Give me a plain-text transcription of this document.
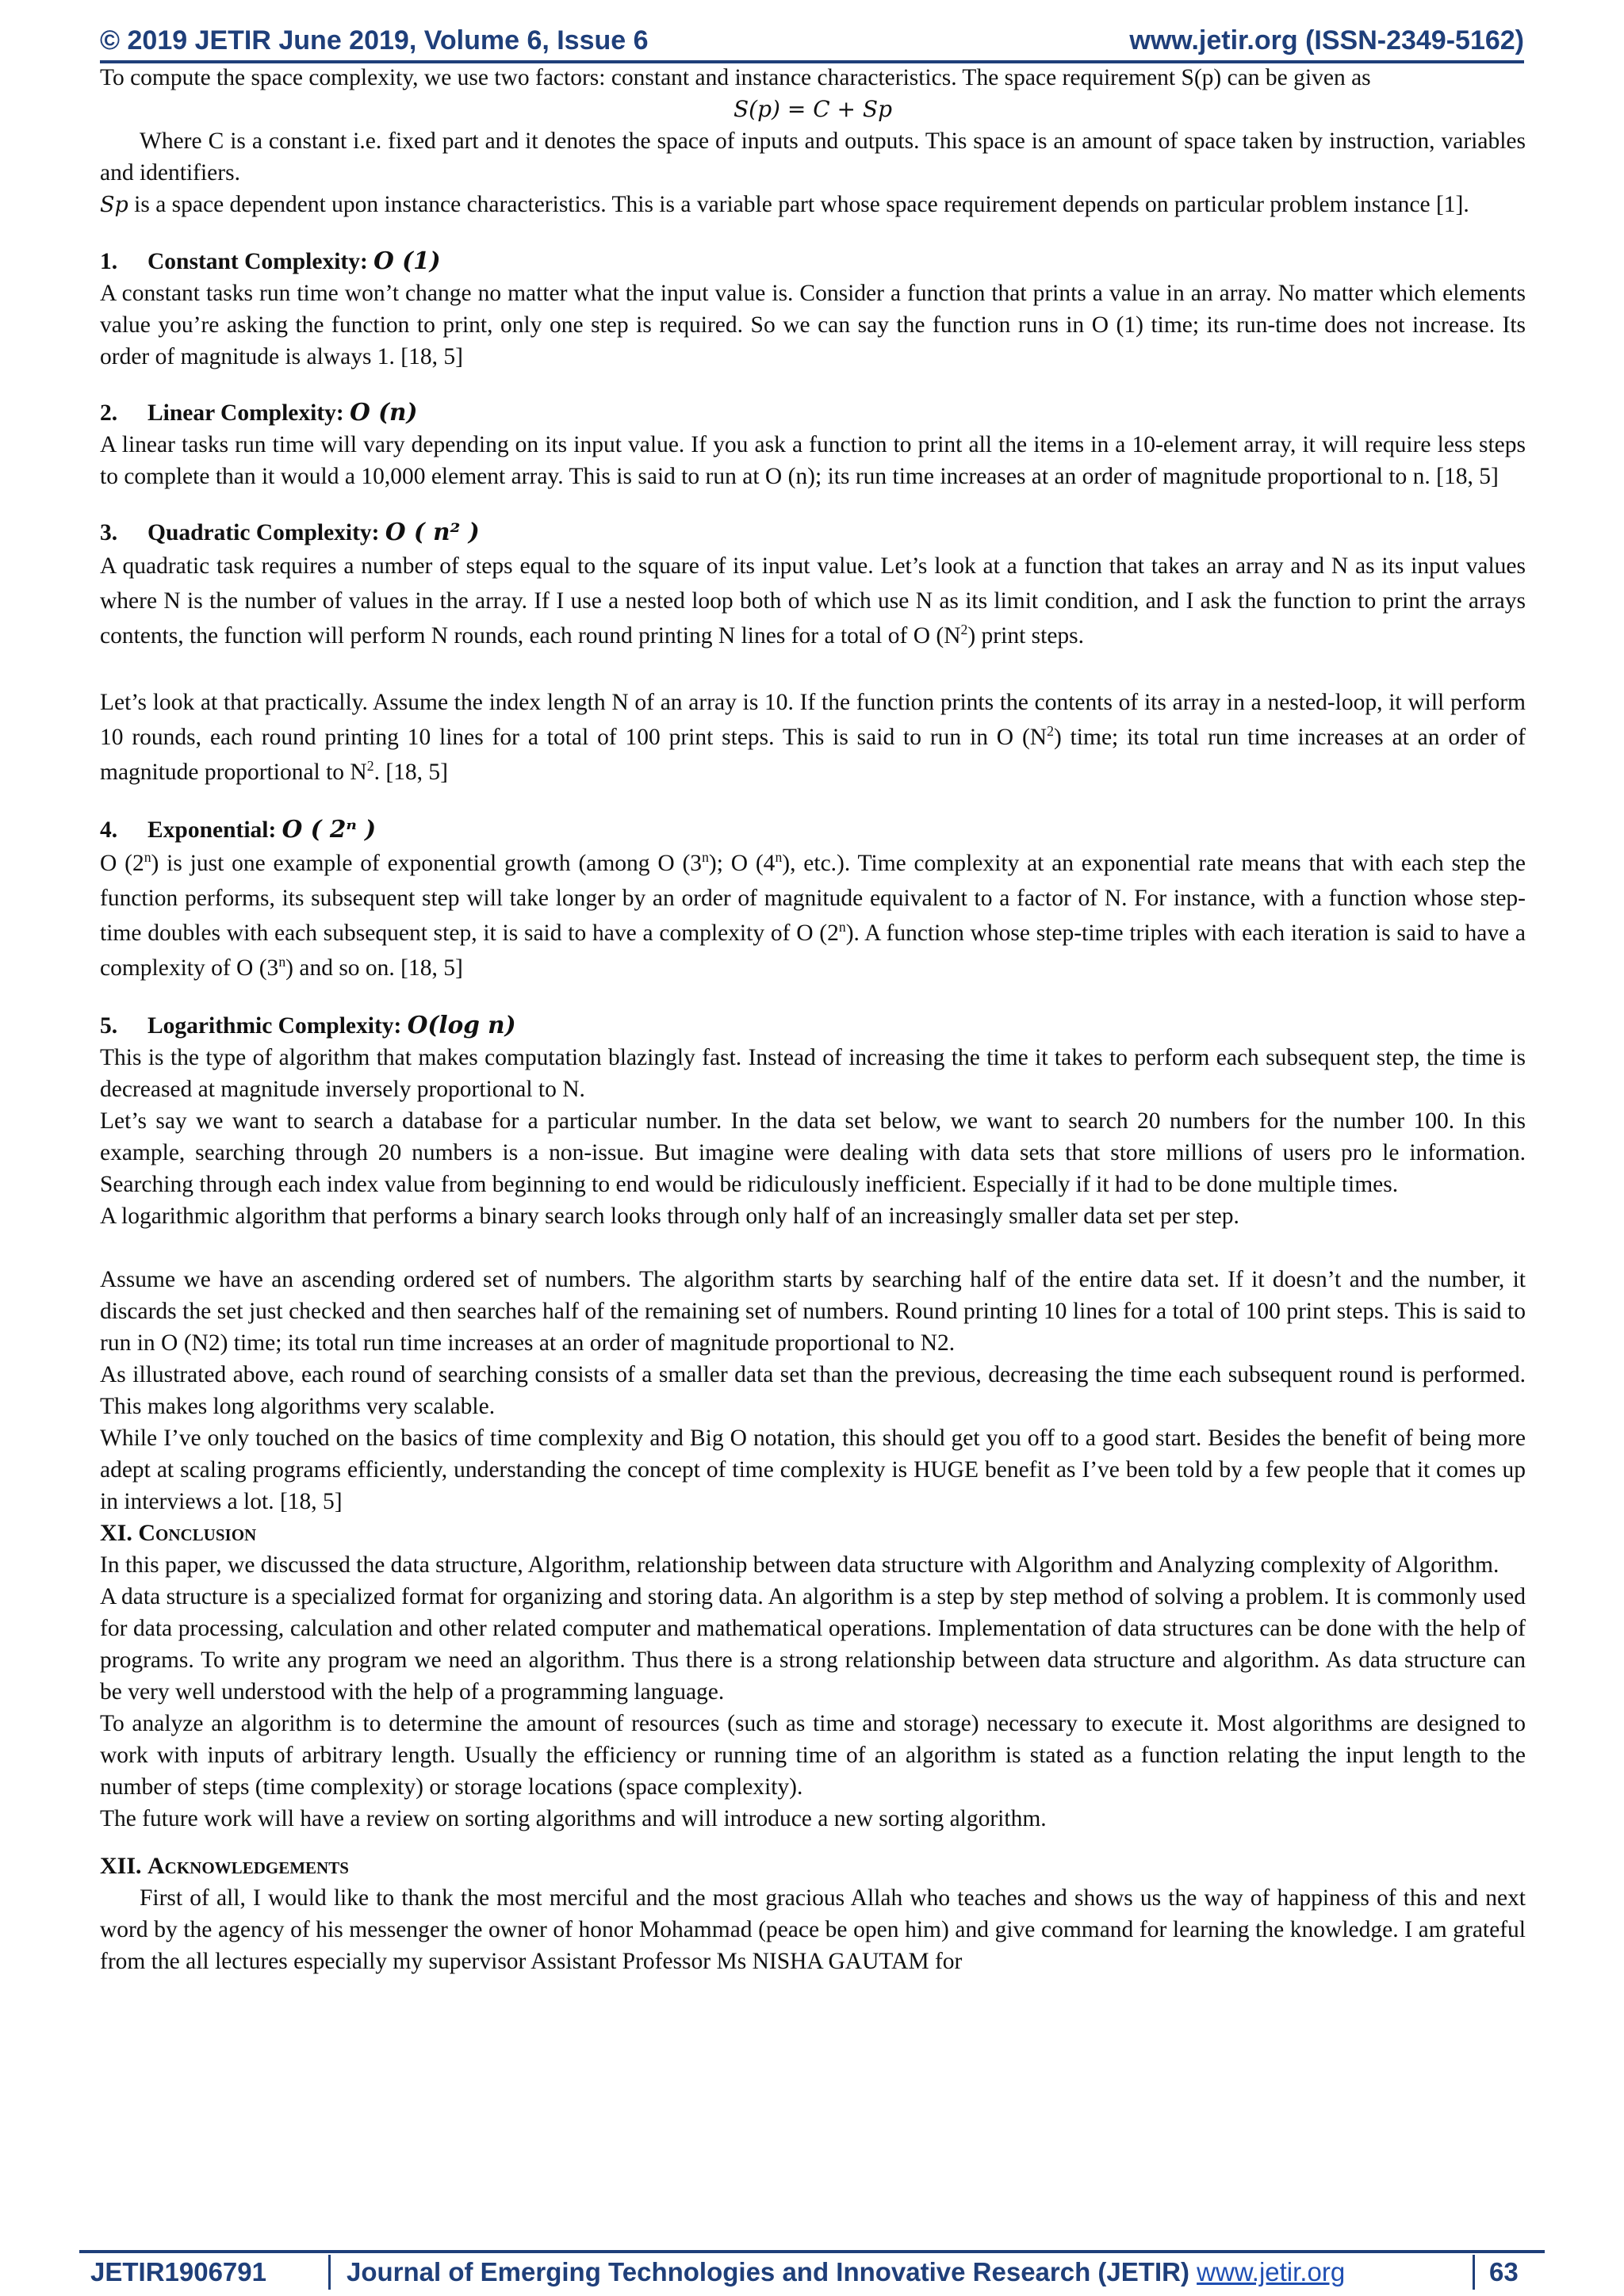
© 2019 JETIR June 2019, Volume 6, Issue 6	www.jetir.org (ISSN-2349-5162)

To compute the space complexity, we use two factors: constant and instance characteristics. The space requirement S(p) can be given as

S(p) = C + Sp

Where C is a constant i.e. fixed part and it denotes the space of inputs and outputs. This space is an amount of space taken by instruction, variables and identifiers.

Sp is a space dependent upon instance characteristics. This is a variable part whose space requirement depends on particular problem instance [1].

1. Constant Complexity: O (1)

A constant tasks run time won’t change no matter what the input value is. Consider a function that prints a value in an array. No matter which elements value you’re asking the function to print, only one step is required. So we can say the function runs in O (1) time; its run-time does not increase. Its order of magnitude is always 1. [18, 5]

2. Linear Complexity: O (n)

A linear tasks run time will vary depending on its input value. If you ask a function to print all the items in a 10-element array, it will require less steps to complete than it would a 10,000 element array. This is said to run at O (n); its run time increases at an order of magnitude proportional to n. [18, 5]

3. Quadratic Complexity: O ( n² )

A quadratic task requires a number of steps equal to the square of its input value. Let’s look at a function that takes an array and N as its input values where N is the number of values in the array. If I use a nested loop both of which use N as its limit condition, and I ask the function to print the arrays contents, the function will perform N rounds, each round printing N lines for a total of O $(N^2)$ print steps.

Let’s look at that practically. Assume the index length N of an array is 10. If the function prints the contents of its array in a nested-loop, it will perform 10 rounds, each round printing 10 lines for a total of 100 print steps. This is said to run in O $(N^2)$ time; its total run time increases at an order of magnitude proportional to $N^2$. [18, 5]

4. Exponential: O ( 2ⁿ )

O (2$^n$) is just one example of exponential growth (among O (3$^n$); O (4$^n$), etc.). Time complexity at an exponential rate means that with each step the function performs, its subsequent step will take longer by an order of magnitude equivalent to a factor of N. For instance, with a function whose step-time doubles with each subsequent step, it is said to have a complexity of O (2$^n$). A function whose step-time triples with each iteration is said to have a complexity of O (3$^n$) and so on. [18, 5]

5. Logarithmic Complexity: O(log n)

This is the type of algorithm that makes computation blazingly fast. Instead of increasing the time it takes to perform each subsequent step, the time is decreased at magnitude inversely proportional to N.

Let’s say we want to search a database for a particular number. In the data set below, we want to search 20 numbers for the number 100. In this example, searching through 20 numbers is a non-issue. But imagine were dealing with data sets that store millions of users pro le information. Searching through each index value from beginning to end would be ridiculously inefficient. Especially if it had to be done multiple times.

A logarithmic algorithm that performs a binary search looks through only half of an increasingly smaller data set per step.

Assume we have an ascending ordered set of numbers. The algorithm starts by searching half of the entire data set. If it doesn’t and the number, it discards the set just checked and then searches half of the remaining set of numbers. Round printing 10 lines for a total of 100 print steps. This is said to run in O (N2) time; its total run time increases at an order of magnitude proportional to N2.

As illustrated above, each round of searching consists of a smaller data set than the previous, decreasing the time each subsequent round is performed. This makes long algorithms very scalable.

While I’ve only touched on the basics of time complexity and Big O notation, this should get you off to a good start. Besides the benefit of being more adept at scaling programs efficiently, understanding the concept of time complexity is HUGE benefit as I’ve been told by a few people that it comes up in interviews a lot. [18, 5]

XI. Conclusion

In this paper, we discussed the data structure, Algorithm, relationship between data structure with Algorithm and Analyzing complexity of Algorithm.

A data structure is a specialized format for organizing and storing data. An algorithm is a step by step method of solving a problem. It is commonly used for data processing, calculation and other related computer and mathematical operations. Implementation of data structures can be done with the help of programs. To write any program we need an algorithm. Thus there is a strong relationship between data structure and algorithm. As data structure can be very well understood with the help of a programming language.

To analyze an algorithm is to determine the amount of resources (such as time and storage) necessary to execute it. Most algorithms are designed to work with inputs of arbitrary length. Usually the efficiency or running time of an algorithm is stated as a function relating the input length to the number of steps (time complexity) or storage locations (space complexity).

The future work will have a review on sorting algorithms and will introduce a new sorting algorithm.

XII. Acknowledgements

First of all, I would like to thank the most merciful and the most gracious Allah who teaches and shows us the way of happiness of this and next word by the agency of his messenger the owner of honor Mohammad (peace be open him) and give command for learning the knowledge. I am grateful from the all lectures especially my supervisor Assistant Professor Ms NISHA GAUTAM for

JETIR1906791	Journal of Emerging Technologies and Innovative Research (JETIR) www.jetir.org	63
